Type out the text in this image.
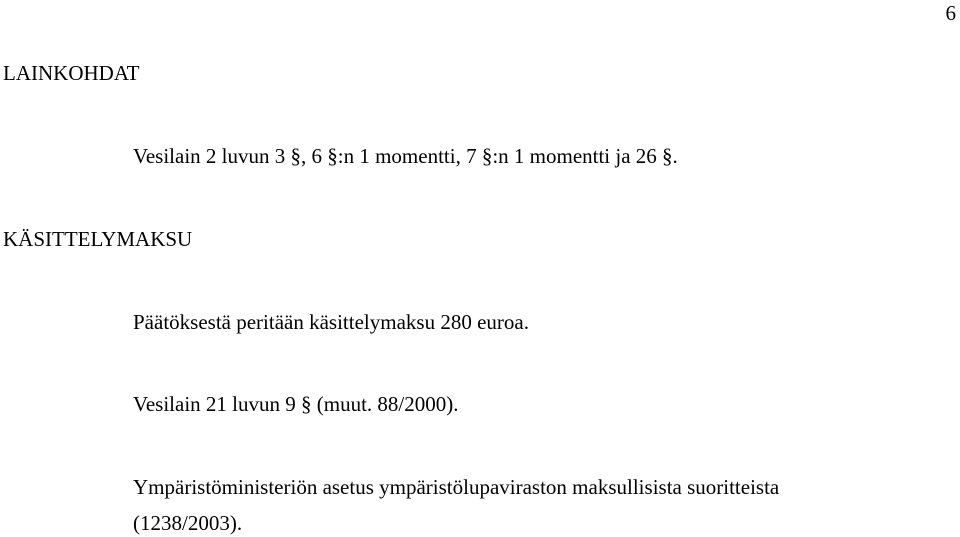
6
LAINKOHDAT
Vesilain 2 luvun 3 §, 6 §:n 1 momentti, 7 §:n 1 momentti ja 26 §.
KÄSITTELYMAKSU
Päätöksestä peritään käsittelymaksu 280 euroa.
Vesilain 21 luvun 9 § (muut. 88/2000).
Ympäristöministeriön asetus ympäristölupaviraston maksullisista suoritteista
(1238/2003).
